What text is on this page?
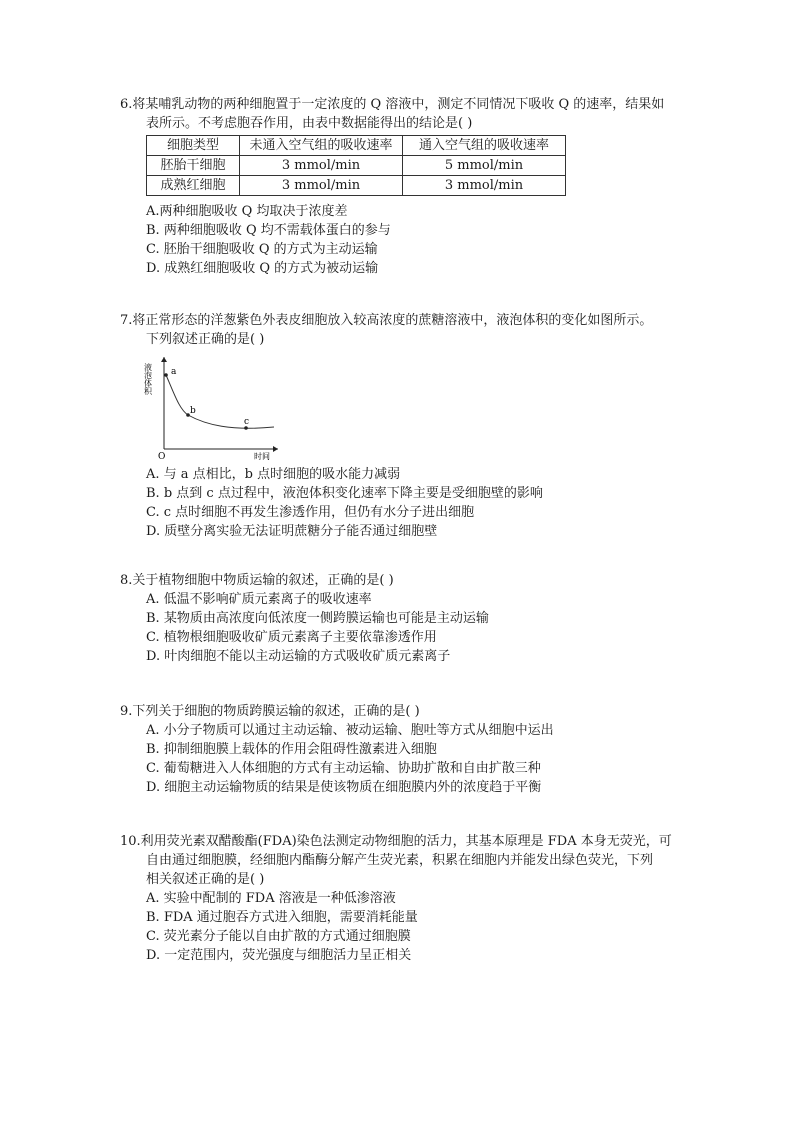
6.将某哺乳动物的两种细胞置于一定浓度的 Q 溶液中，测定不同情况下吸收 Q 的速率，结果如

表所示。不考虑胞吞作用，由表中数据能得出的结论是( )

细胞类型	未通入空气组的吸收速率	通入空气组的吸收速率
胚胎干细胞	3 mmol/min	5 mmol/min
成熟红细胞	3 mmol/min	3 mmol/min

A.两种细胞吸收 Q 均取决于浓度差

B. 两种细胞吸收 Q 均不需载体蛋白的参与

C. 胚胎干细胞吸收 Q 的方式为主动运输

D. 成熟红细胞吸收 Q 的方式为被动运输

7.将正常形态的洋葱紫色外表皮细胞放入较高浓度的蔗糖溶液中，液泡体积的变化如图所示。

下列叙述正确的是( )

液泡体积
时间
O
a
b
c

A. 与 a 点相比，b 点时细胞的吸水能力减弱

B. b 点到 c 点过程中，液泡体积变化速率下降主要是受细胞壁的影响

C. c 点时细胞不再发生渗透作用，但仍有水分子进出细胞

D. 质壁分离实验无法证明蔗糖分子能否通过细胞壁

8.关于植物细胞中物质运输的叙述，正确的是( )

A. 低温不影响矿质元素离子的吸收速率

B. 某物质由高浓度向低浓度一侧跨膜运输也可能是主动运输

C. 植物根细胞吸收矿质元素离子主要依靠渗透作用

D. 叶肉细胞不能以主动运输的方式吸收矿质元素离子

9.下列关于细胞的物质跨膜运输的叙述，正确的是( )

A. 小分子物质可以通过主动运输、被动运输、胞吐等方式从细胞中运出

B. 抑制细胞膜上载体的作用会阻碍性激素进入细胞

C. 葡萄糖进入人体细胞的方式有主动运输、协助扩散和自由扩散三种

D. 细胞主动运输物质的结果是使该物质在细胞膜内外的浓度趋于平衡

10.利用荧光素双醋酸酯(FDA)染色法测定动物细胞的活力，其基本原理是 FDA 本身无荧光，可

自由通过细胞膜，经细胞内酯酶分解产生荧光素，积累在细胞内并能发出绿色荧光，下列

相关叙述正确的是( )

A. 实验中配制的 FDA 溶液是一种低渗溶液

B. FDA 通过胞吞方式进入细胞，需要消耗能量

C. 荧光素分子能以自由扩散的方式通过细胞膜

D. 一定范围内，荧光强度与细胞活力呈正相关
